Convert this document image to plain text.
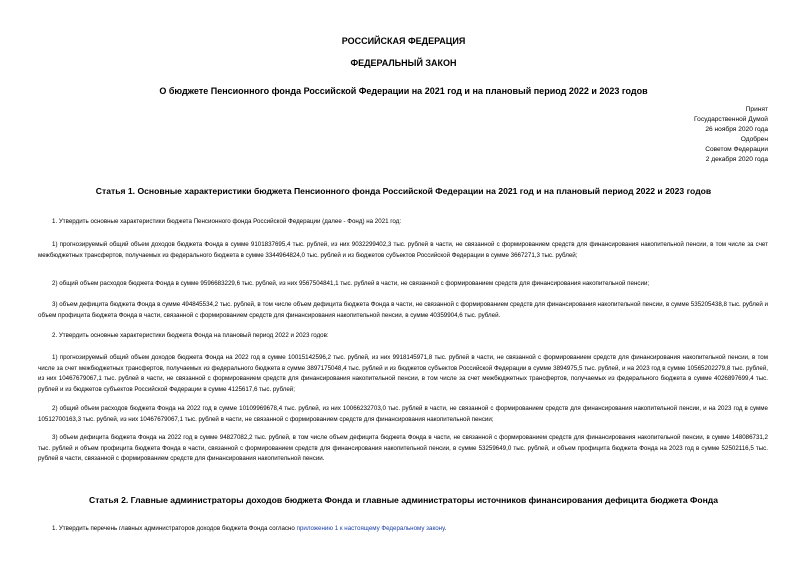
РОССИЙСКАЯ ФЕДЕРАЦИЯ
ФЕДЕРАЛЬНЫЙ ЗАКОН
О бюджете Пенсионного фонда Российской Федерации на 2021 год и на плановый период 2022 и 2023 годов
Принят
Государственной Думой
26 ноября 2020 года
Одобрен
Советом Федерации
2 декабря 2020 года
Статья 1. Основные характеристики бюджета Пенсионного фонда Российской Федерации на 2021 год и на плановый период 2022 и 2023 годов

1. Утвердить основные характеристики бюджета Пенсионного фонда Российской Федерации (далее - Фонд) на 2021 год:

1) прогнозируемый общий объем доходов бюджета Фонда в сумме 9101837695,4 тыс. рублей, из них 9032299402,3 тыс. рублей в части, не связанной с формированием средств для финансирования накопительной пенсии, в том числе за счет межбюджетных трансфертов, получаемых из федерального бюджета в сумме 3344964824,0 тыс. рублей и из бюджетов субъектов Российской Федерации в сумме 3667271,3 тыс. рублей;

2) общий объем расходов бюджета Фонда в сумме 9596683229,6 тыс. рублей, из них 9567504841,1 тыс. рублей в части, не связанной с формированием средств для финансирования накопительной пенсии;

3) объем дефицита бюджета Фонда в сумме 494845534,2 тыс. рублей, в том числе объем дефицита бюджета Фонда в части, не связанной с формированием средств для финансирования накопительной пенсии, в сумме 535205438,8 тыс. рублей и объем профицита бюджета Фонда в части, связанной с формированием средств для финансирования накопительной пенсии, в сумме 40359904,6 тыс. рублей.

2. Утвердить основные характеристики бюджета Фонда на плановый период 2022 и 2023 годов:

1) прогнозируемый общий объем доходов бюджета Фонда на 2022 год в сумме 10015142596,2 тыс. рублей, из них 9918145971,8 тыс. рублей в части, не связанной с формированием средств для финансирования накопительной пенсии, в том числе за счет межбюджетных трансфертов, получаемых из федерального бюджета в сумме 3897175048,4 тыс. рублей и из бюджетов субъектов Российской Федерации в сумме 3894975,5 тыс. рублей, и на 2023 год в сумме 10565202279,8 тыс. рублей, из них 10467679067,1 тыс. рублей в части, не связанной с формированием средств для финансирования накопительной пенсии, в том числе за счет межбюджетных трансфертов, получаемых из федерального бюджета в сумме 4026897699,4 тыс. рублей и из бюджетов субъектов Российской Федерации в сумме 4125617,6 тыс. рублей;

2) общий объем расходов бюджета Фонда на 2022 год в сумме 10109969678,4 тыс. рублей, из них 10066232703,0 тыс. рублей в части, не связанной с формированием средств для финансирования накопительной пенсии, и на 2023 год в сумме 10512700163,3 тыс. рублей, из них 10467679067,1 тыс. рублей в части, не связанной с формированием средств для финансирования накопительной пенсии;

3) объем дефицита бюджета Фонда на 2022 год в сумме 94827082,2 тыс. рублей, в том числе объем дефицита бюджета Фонда в части, не связанной с формированием средств для финансирования накопительной пенсии, в сумме 148086731,2 тыс. рублей и объем профицита бюджета Фонда в части, связанной с формированием средств для финансирования накопительной пенсии, в сумме 53259649,0 тыс. рублей, и объем профицита бюджета Фонда на 2023 год в сумме 52502116,5 тыс. рублей в части, связанной с формированием средств для финансирования накопительной пенсии.

Статья 2. Главные администраторы доходов бюджета Фонда и главные администраторы источников финансирования дефицита бюджета Фонда

1. Утвердить перечень главных администраторов доходов бюджета Фонда согласно приложению 1 к настоящему Федеральному закону.
